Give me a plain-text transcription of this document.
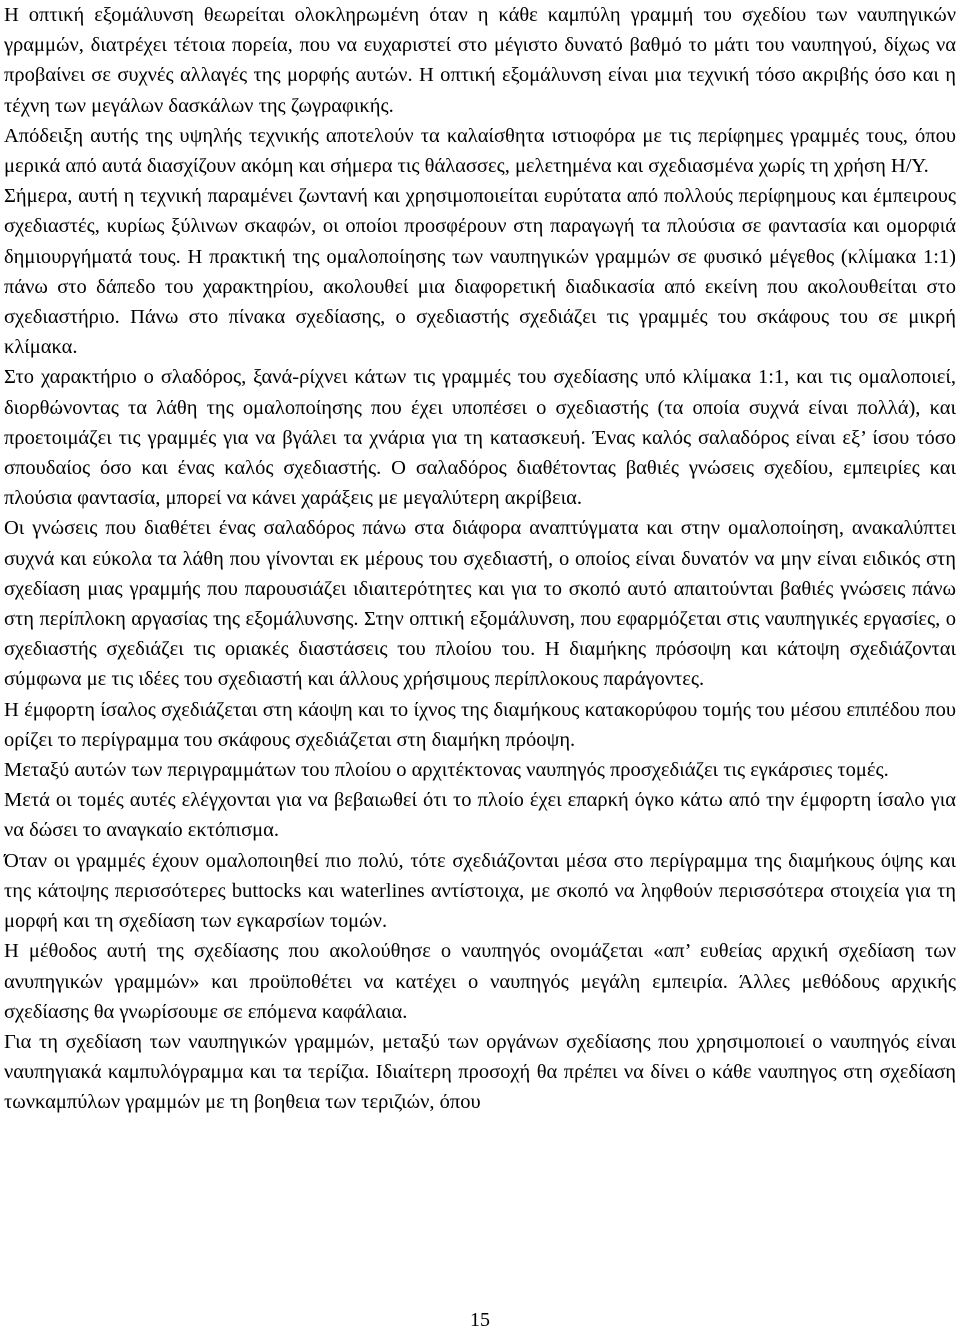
Η οπτική εξομάλυνση θεωρείται ολοκληρωμένη όταν η κάθε καμπύλη γραμμή του σχεδίου των ναυπηγικών γραμμών, διατρέχει τέτοια πορεία, που να ευχαριστεί στο μέγιστο δυνατό βαθμό το μάτι του ναυπηγού, δίχως να προβαίνει σε συχνές αλλαγές της μορφής αυτών. Η οπτική εξομάλυνση είναι μια τεχνική τόσο ακριβής όσο και η τέχνη των μεγάλων δασκάλων της ζωγραφικής.

Απόδειξη αυτής της υψηλής τεχνικής αποτελούν τα καλαίσθητα ιστιοφόρα με τις περίφημες γραμμές τους, όπου μερικά από αυτά διασχίζουν ακόμη και σήμερα τις θάλασσες, μελετημένα και σχεδιασμένα χωρίς τη χρήση Η/Υ.

Σήμερα, αυτή η τεχνική παραμένει ζωντανή και χρησιμοποιείται ευρύτατα από πολλούς περίφημους και έμπειρους σχεδιαστές, κυρίως ξύλινων σκαφών, οι οποίοι προσφέρουν στη παραγωγή τα πλούσια σε φαντασία και ομορφιά δημιουργήματά τους. Η πρακτική της ομαλοποίησης των ναυπηγικών γραμμών σε φυσικό μέγεθος (κλίμακα 1:1) πάνω στο δάπεδο του χαρακτηρίου, ακολουθεί μια διαφορετική διαδικασία από εκείνη που ακολουθείται στο σχεδιαστήριο. Πάνω στο πίνακα σχεδίασης, ο σχεδιαστής σχεδιάζει τις γραμμές του σκάφους του σε μικρή κλίμακα.

Στο χαρακτήριο ο σλαδόρος, ξανά-ρίχνει κάτων τις γραμμές του σχεδίασης υπό κλίμακα 1:1, και τις ομαλοποιεί, διορθώνοντας τα λάθη της ομαλοποίησης που έχει υποπέσει ο σχεδιαστής (τα οποία συχνά είναι πολλά), και προετοιμάζει τις γραμμές για να βγάλει τα χνάρια για τη κατασκευή. Ένας καλός σαλαδόρος είναι εξ’ ίσου τόσο σπουδαίος όσο και ένας καλός σχεδιαστής. Ο σαλαδόρος διαθέτοντας βαθιές γνώσεις σχεδίου, εμπειρίες και πλούσια φαντασία, μπορεί να κάνει χαράξεις με μεγαλύτερη ακρίβεια.

Οι γνώσεις που διαθέτει ένας σαλαδόρος πάνω στα διάφορα αναπτύγματα και στην ομαλοποίηση, ανακαλύπτει συχνά και εύκολα τα λάθη που γίνονται εκ μέρους του σχεδιαστή, ο οποίος είναι δυνατόν να μην είναι ειδικός στη σχεδίαση μιας γραμμής που παρουσιάζει ιδιαιτερότητες και για το σκοπό αυτό απαιτούνται βαθιές γνώσεις πάνω στη περίπλοκη αργασίας της εξομάλυνσης. Στην οπτική εξομάλυνση, που εφαρμόζεται στις ναυπηγικές εργασίες, ο σχεδιαστής σχεδιάζει τις οριακές διαστάσεις του πλοίου του. Η διαμήκης πρόσοψη και κάτοψη σχεδιάζονται σύμφωνα με τις ιδέες του σχεδιαστή και άλλους χρήσιμους περίπλοκους παράγοντες.

Η έμφορτη ίσαλος σχεδιάζεται στη κάοψη και το ίχνος της διαμήκους κατακορύφου τομής του μέσου επιπέδου που ορίζει το περίγραμμα του σκάφους σχεδιάζεται στη διαμήκη πρόοψη.

Μεταξύ αυτών των περιγραμμάτων του πλοίου ο αρχιτέκτονας ναυπηγός προσχεδιάζει τις εγκάρσιες τομές.

Μετά οι τομές αυτές ελέγχονται για να βεβαιωθεί ότι το πλοίο έχει επαρκή όγκο κάτω από την έμφορτη ίσαλο για να δώσει το αναγκαίο εκτόπισμα.

Όταν οι γραμμές έχουν ομαλοποιηθεί πιο πολύ, τότε σχεδιάζονται μέσα στο περίγραμμα της διαμήκους όψης και της κάτοψης περισσότερες buttocks και waterlines αντίστοιχα, με σκοπό να ληφθούν περισσότερα στοιχεία για τη μορφή και τη σχεδίαση των εγκαρσίων τομών.

Η μέθοδος αυτή της σχεδίασης που ακολούθησε ο ναυπηγός ονομάζεται «απ’ ευθείας αρχική σχεδίαση των ανυπηγικών γραμμών» και προϋποθέτει να κατέχει ο ναυπηγός μεγάλη εμπειρία. Άλλες μεθόδους αρχικής σχεδίασης θα γνωρίσουμε σε επόμενα καφάλαια.

Για τη σχεδίαση των ναυπηγικών γραμμών, μεταξύ των οργάνων σχεδίασης που χρησιμοποιεί ο ναυπηγός είναι ναυπηγιακά καμπυλόγραμμα και τα τερίζια. Ιδιαίτερη προσοχή θα πρέπει να δίνει ο κάθε ναυπηγος στη σχεδίαση τωνκαμπύλων γραμμών με τη βοηθεια των τεριζιών, όπου

15
